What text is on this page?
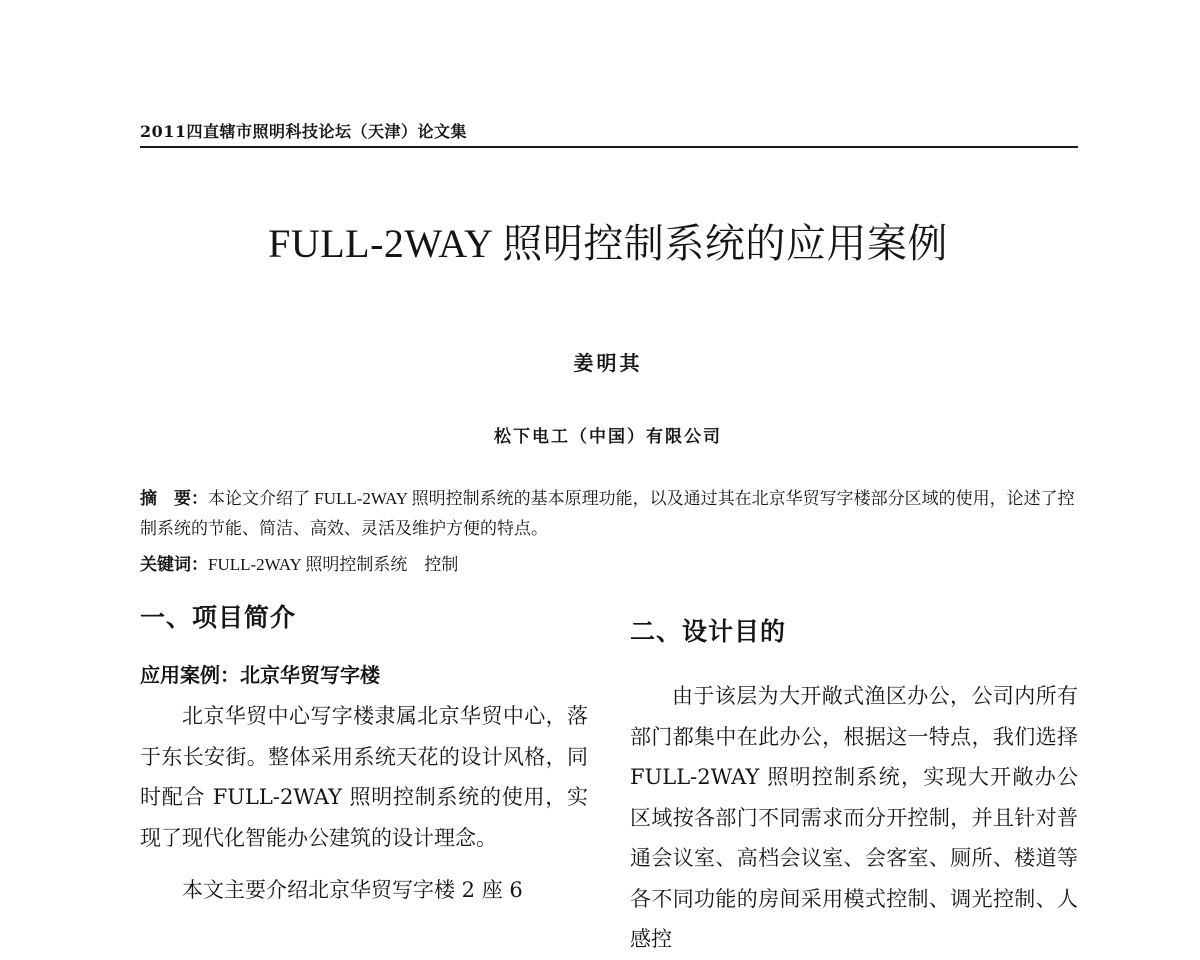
2011四直辖市照明科技论坛（天津）论文集
FULL-2WAY 照明控制系统的应用案例
姜明其
松下电工（中国）有限公司
摘　要：本论文介绍了 FULL-2WAY 照明控制系统的基本原理功能，以及通过其在北京华贸写字楼部分区域的使用，论述了控制系统的节能、简洁、高效、灵活及维护方便的特点。
关键词：FULL-2WAY 照明控制系统　控制
一、项目简介
应用案例：北京华贸写字楼

北京华贸中心写字楼隶属北京华贸中心，落于东长安街。整体采用系统天花的设计风格，同时配合 FULL-2WAY 照明控制系统的使用，实现了现代化智能办公建筑的设计理念。

本文主要介绍北京华贸写字楼 2 座 6

二、设计目的

由于该层为大开敞式渔区办公，公司内所有部门都集中在此办公，根据这一特点，我们选择 FULL-2WAY 照明控制系统，实现大开敞办公区域按各部门不同需求而分开控制，并且针对普通会议室、高档会议室、会客室、厕所、楼道等各不同功能的房间采用模式控制、调光控制、人感控
